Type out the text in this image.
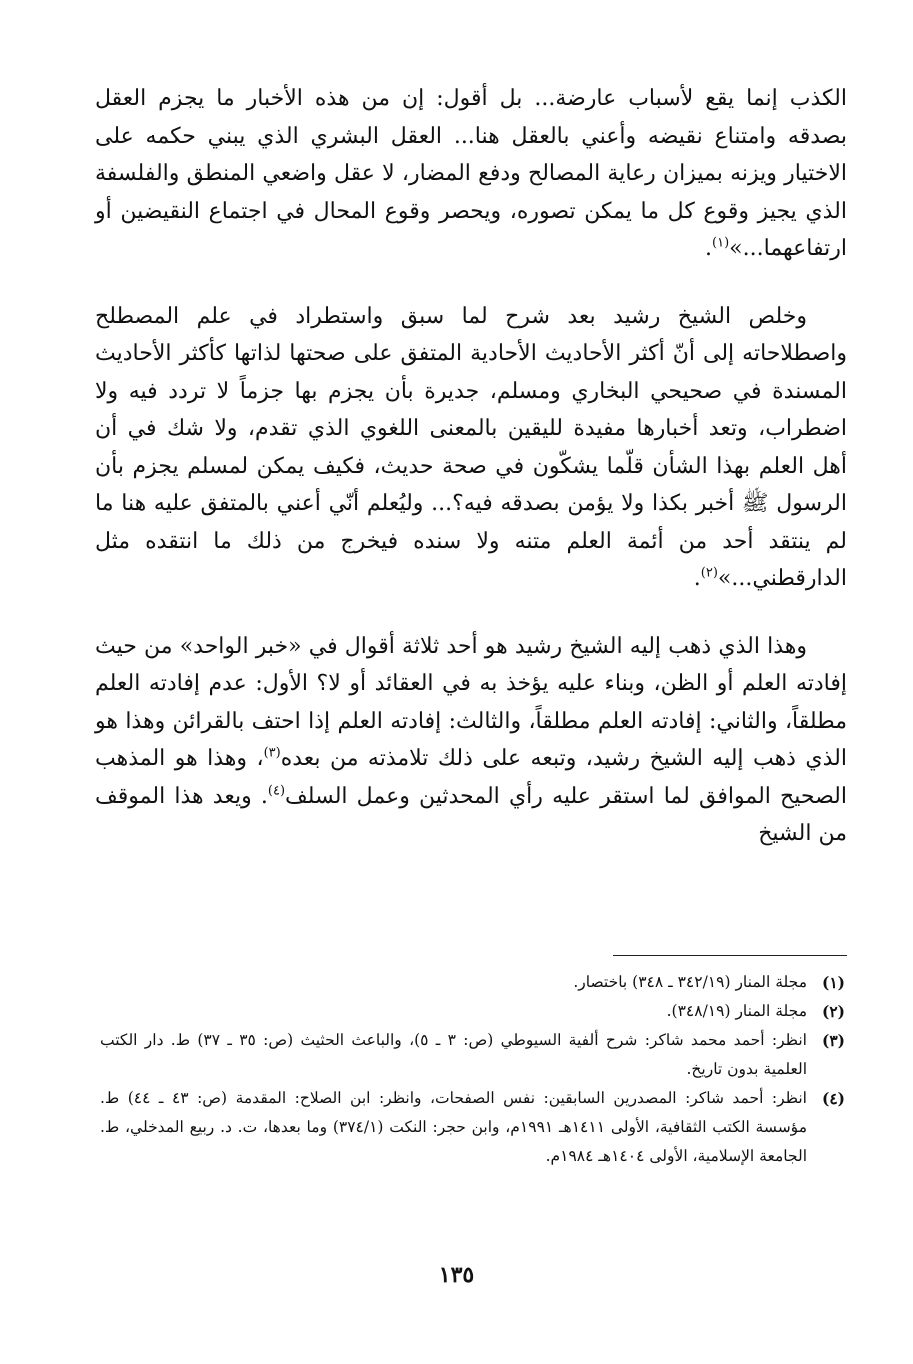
الكذب إنما يقع لأسباب عارضة... بل أقول: إن من هذه الأخبار ما يجزم العقل بصدقه وامتناع نقيضه وأعني بالعقل هنا... العقل البشري الذي يبني حكمه على الاختيار ويزنه بميزان رعاية المصالح ودفع المضار، لا عقل واضعي المنطق والفلسفة الذي يجيز وقوع كل ما يمكن تصوره، ويحصر وقوع المحال في اجتماع النقيضين أو ارتفاعهما...»$^{(١)}$.

وخلص الشيخ رشيد بعد شرح لما سبق واستطراد في علم المصطلح واصطلاحاته إلى أنّ أكثر الأحاديث الأحادية المتفق على صحتها لذاتها كأكثر الأحاديث المسندة في صحيحي البخاري ومسلم، جديرة بأن يجزم بها جزماً لا تردد فيه ولا اضطراب، وتعد أخبارها مفيدة لليقين بالمعنى اللغوي الذي تقدم، ولا شك في أن أهل العلم بهذا الشأن قلّما يشكّون في صحة حديث، فكيف يمكن لمسلم يجزم بأن الرسول ﷺ أخبر بكذا ولا يؤمن بصدقه فيه؟... وليُعلم أنّي أعني بالمتفق عليه هنا ما لم ينتقد أحد من أئمة العلم متنه ولا سنده فيخرج من ذلك ما انتقده مثل الدارقطني...»$^{(٢)}$.

وهذا الذي ذهب إليه الشيخ رشيد هو أحد ثلاثة أقوال في «خبر الواحد» من حيث إفادته العلم أو الظن، وبناء عليه يؤخذ به في العقائد أو لا؟ الأول: عدم إفادته العلم مطلقاً، والثاني: إفادته العلم مطلقاً، والثالث: إفادته العلم إذا احتف بالقرائن وهذا هو الذي ذهب إليه الشيخ رشيد، وتبعه على ذلك تلامذته من بعده$^{(٣)}$، وهذا هو المذهب الصحيح الموافق لما استقر عليه رأي المحدثين وعمل السلف$^{(٤)}$. ويعد هذا الموقف من الشيخ

(١)
مجلة المنار (٣٤٢/١٩ ـ ٣٤٨) باختصار.
(٢)
مجلة المنار (٣٤٨/١٩).
(٣)
انظر: أحمد محمد شاكر: شرح ألفية السيوطي (ص: ٣ ـ ٥)، والباعث الحثيث (ص: ٣٥ ـ ٣٧) ط. دار الكتب العلمية بدون تاريخ.
(٤)
انظر: أحمد شاكر: المصدرين السابقين: نفس الصفحات، وانظر: ابن الصلاح: المقدمة (ص: ٤٣ ـ ٤٤) ط. مؤسسة الكتب الثقافية، الأولى ١٤١١هـ ١٩٩١م، وابن حجر: النكت (٣٧٤/١) وما بعدها، ت. د. ربيع المدخلي، ط. الجامعة الإسلامية، الأولى ١٤٠٤هـ ١٩٨٤م.
١٣٥
